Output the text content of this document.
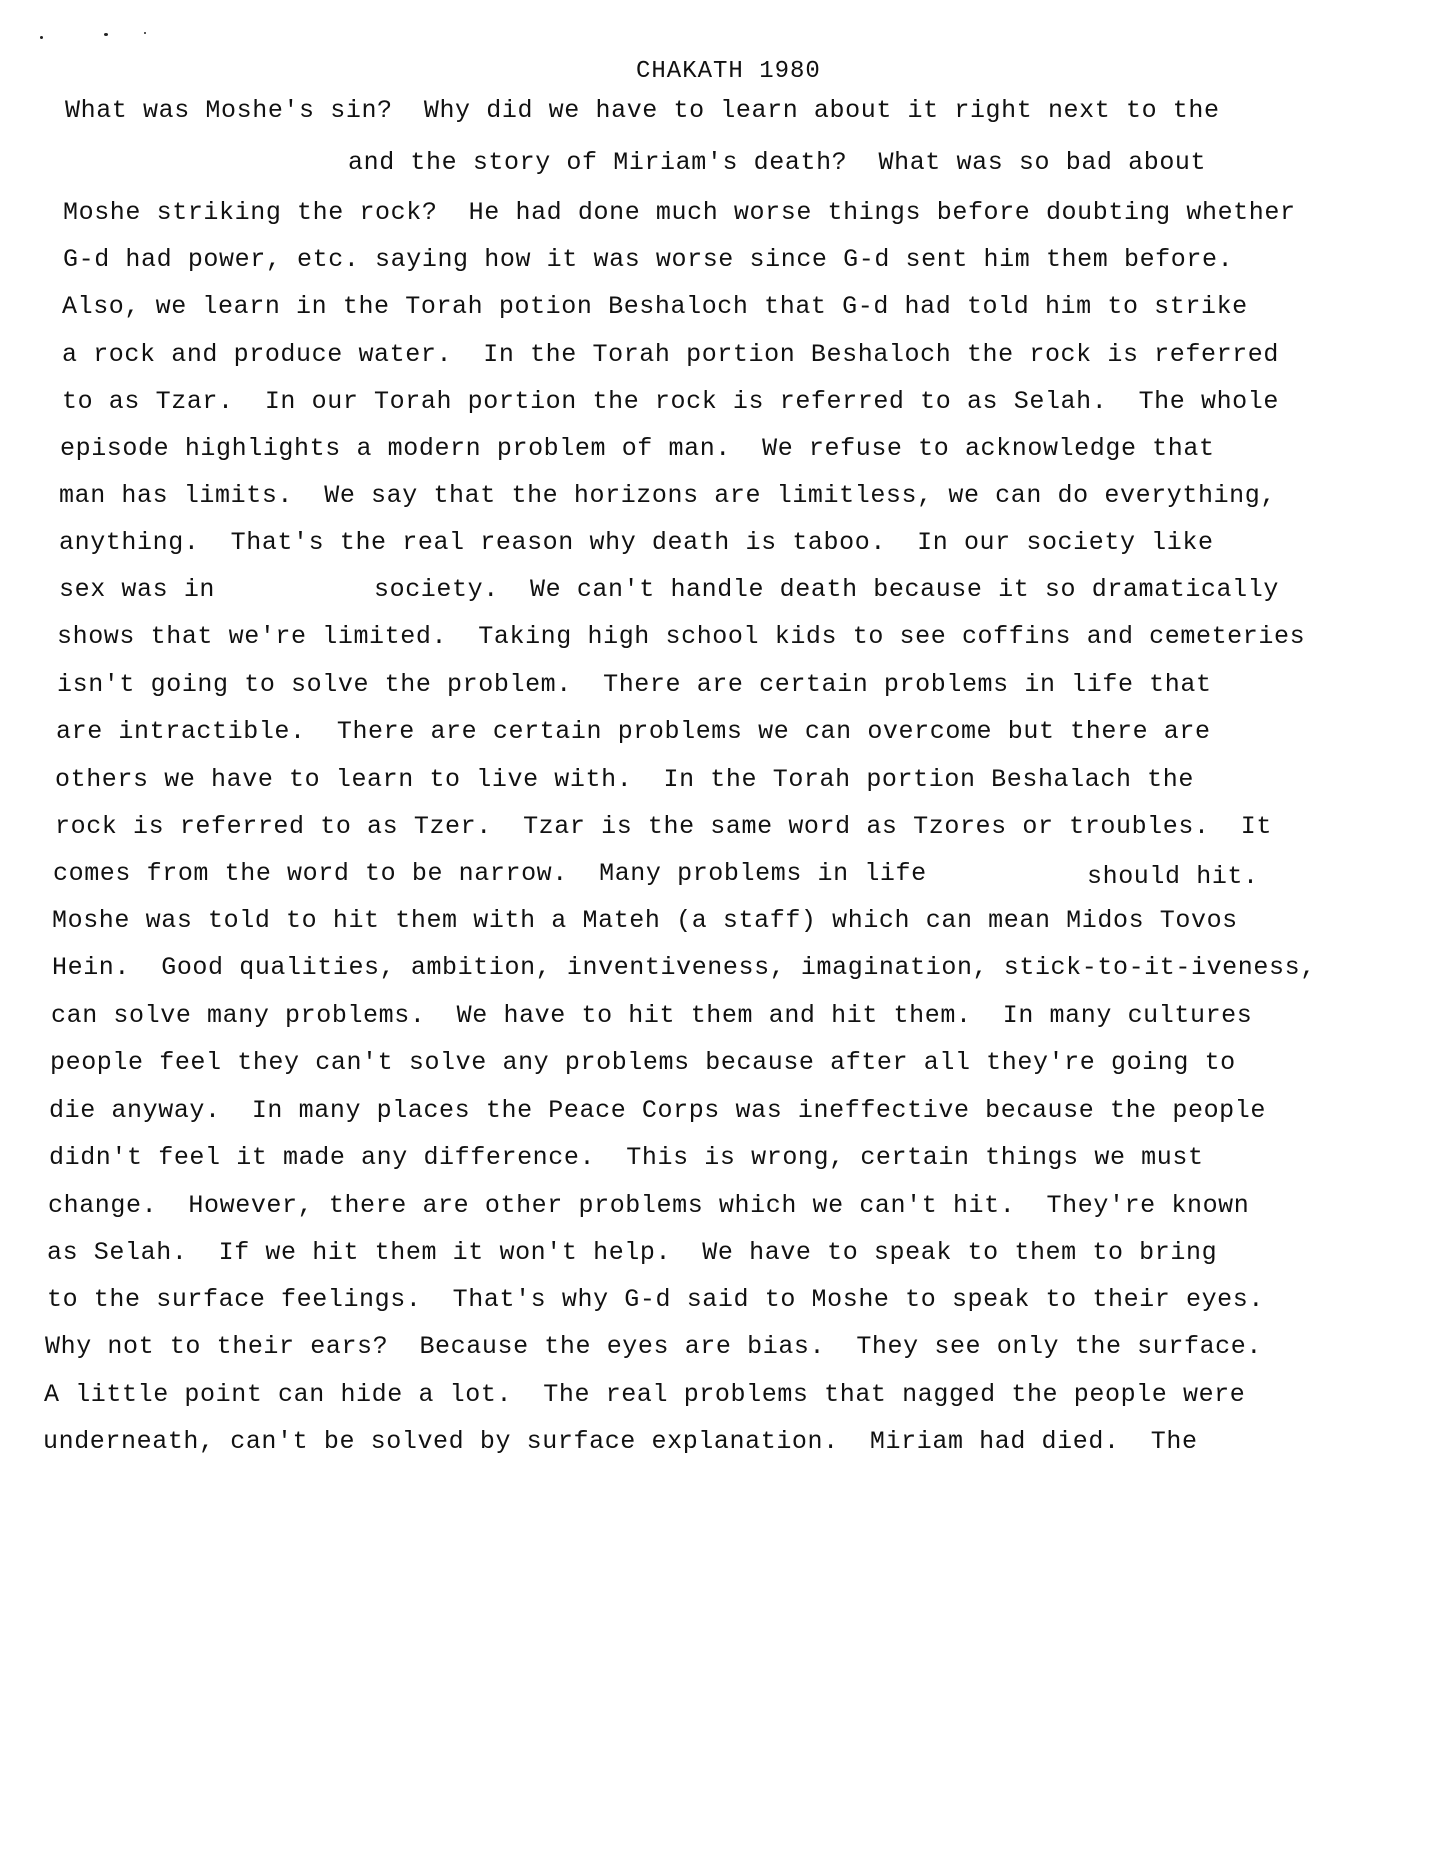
CHAKATH 1980
What was Moshe's sin?  Why did we have to learn about it right next to the
and the story of Miriam's death?  What was so bad about
Moshe striking the rock?  He had done much worse things before doubting whether
G-d had power, etc. saying how it was worse since G-d sent him them before.
Also, we learn in the Torah potion Beshaloch that G-d had told him to strike
a rock and produce water.  In the Torah portion Beshaloch the rock is referred
to as Tzar.  In our Torah portion the rock is referred to as Selah.  The whole
episode highlights a modern problem of man.  We refuse to acknowledge that
man has limits.  We say that the horizons are limitless, we can do everything,
anything.  That's the real reason why death is taboo.  In our society like
sex was in	society.  We can't handle death because it so dramatically
shows that we're limited.  Taking high school kids to see coffins and cemeteries
isn't going to solve the problem.  There are certain problems in life that
are intractible.  There are certain problems we can overcome but there are
others we have to learn to live with.  In the Torah portion Beshalach the
rock is referred to as Tzer.  Tzar is the same word as Tzores or troubles.  It
comes from the word to be narrow.  Many problems in life	should hit.
Moshe was told to hit them with a Mateh (a staff) which can mean Midos Tovos
Hein.  Good qualities, ambition, inventiveness, imagination, stick-to-it-iveness,
can solve many problems.  We have to hit them and hit them.  In many cultures
people feel they can't solve any problems because after all they're going to
die anyway.  In many places the Peace Corps was ineffective because the people
didn't feel it made any difference.  This is wrong, certain things we must
change.  However, there are other problems which we can't hit.  They're known
as Selah.  If we hit them it won't help.  We have to speak to them to bring
to the surface feelings.  That's why G-d said to Moshe to speak to their eyes.
Why not to their ears?  Because the eyes are bias.  They see only the surface.
A little point can hide a lot.  The real problems that nagged the people were
underneath, can't be solved by surface explanation.  Miriam had died.  The
